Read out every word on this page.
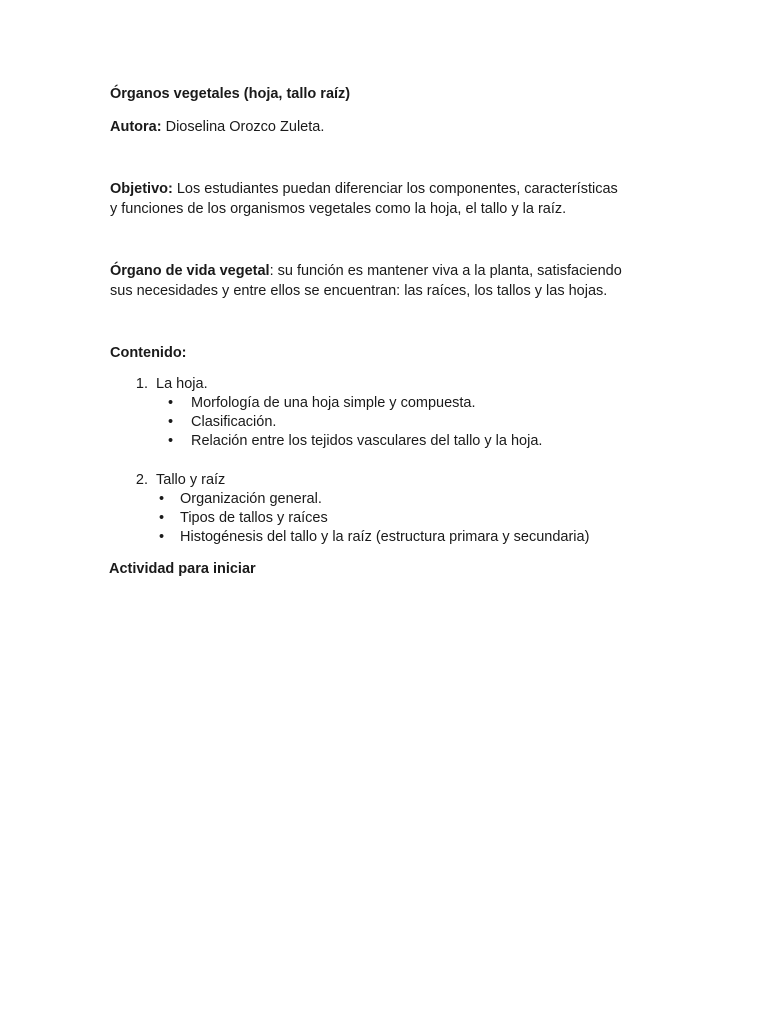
Órganos vegetales (hoja, tallo raíz)
Autora: Dioselina Orozco Zuleta.
Objetivo: Los estudiantes puedan diferenciar los componentes, características
y funciones de los organismos vegetales como la hoja, el tallo y la raíz.
Órgano de vida vegetal: su función es mantener viva a la planta, satisfaciendo
sus necesidades y entre ellos se encuentran: las raíces, los tallos y las hojas.
Contenido:
1. La hoja.
• Morfología de una hoja simple y compuesta.
• Clasificación.
• Relación entre los tejidos vasculares del tallo y la hoja.
2. Tallo y raíz
• Organización general.
• Tipos de tallos y raíces
• Histogénesis del tallo y la raíz (estructura primara y secundaria)
Actividad para iniciar
